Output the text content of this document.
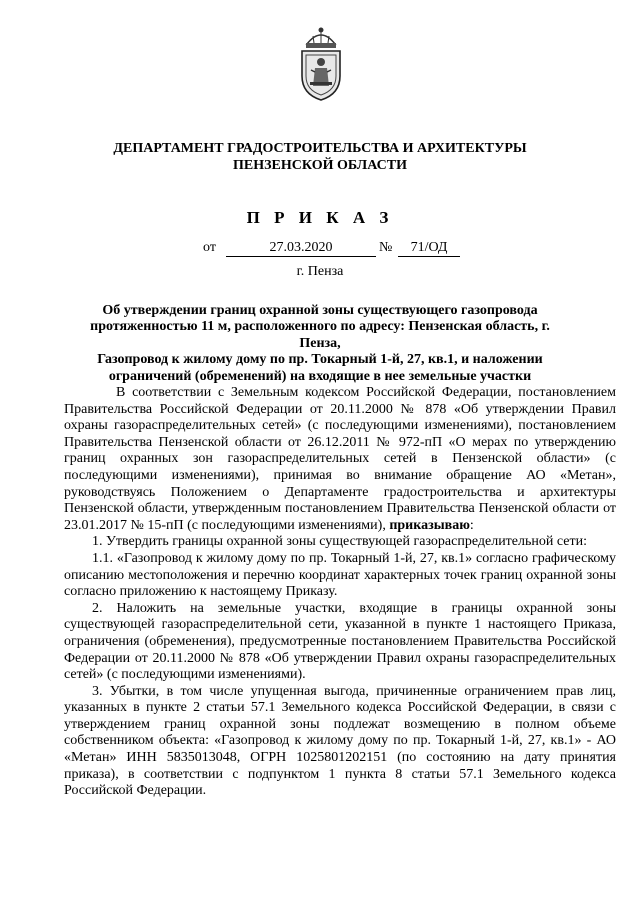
ДЕПАРТАМЕНТ ГРАДОСТРОИТЕЛЬСТВА И АРХИТЕКТУРЫ
ПЕНЗЕНСКОЙ ОБЛАСТИ
П Р И К А З
от	27.03.2020	№	71/ОД
г. Пенза
Об утверждении границ охранной зоны существующего газопровода
протяженностью 11 м, расположенного по адресу: Пензенская область, г. Пенза,
Газопровод к жилому дому по пр. Токарный 1-й, 27, кв.1, и наложении
ограничений (обременений) на входящие в нее земельные участки

В соответствии с Земельным кодексом Российской Федерации, постановлением Правительства Российской Федерации от 20.11.2000 № 878 «Об утверждении Правил охраны газораспределительных сетей» (с последующими изменениями), постановлением Правительства Пензенской области от 26.12.2011 № 972-пП «О мерах по утверждению границ охранных зон газораспределительных сетей в Пензенской области» (с последующими изменениями), принимая во внимание обращение АО «Метан», руководствуясь Положением о Департаменте градостроительства и архитектуры Пензенской области, утвержденным постановлением Правительства Пензенской области от 23.01.2017 № 15-пП (с последующими изменениями), приказываю:

1. Утвердить границы охранной зоны существующей газораспределительной сети:

1.1. «Газопровод к жилому дому по пр. Токарный 1-й, 27, кв.1» согласно графическому описанию местоположения и перечню координат характерных точек границ охранной зоны согласно приложению к настоящему Приказу.

2. Наложить на земельные участки, входящие в границы охранной зоны существующей газораспределительной сети, указанной в пункте 1 настоящего Приказа, ограничения (обременения), предусмотренные постановлением Правительства Российской Федерации от 20.11.2000 № 878 «Об утверждении Правил охраны газораспределительных сетей» (с последующими изменениями).

3. Убытки, в том числе упущенная выгода, причиненные ограничением прав лиц, указанных в пункте 2 статьи 57.1 Земельного кодекса Российской Федерации, в связи с утверждением границ охранной зоны подлежат возмещению в полном объеме собственником объекта: «Газопровод к жилому дому по пр. Токарный 1-й, 27, кв.1» - АО «Метан» ИНН 5835013048, ОГРН 1025801202151 (по состоянию на дату принятия приказа), в соответствии с подпунктом 1 пункта 8 статьи 57.1 Земельного кодекса Российской Федерации.
